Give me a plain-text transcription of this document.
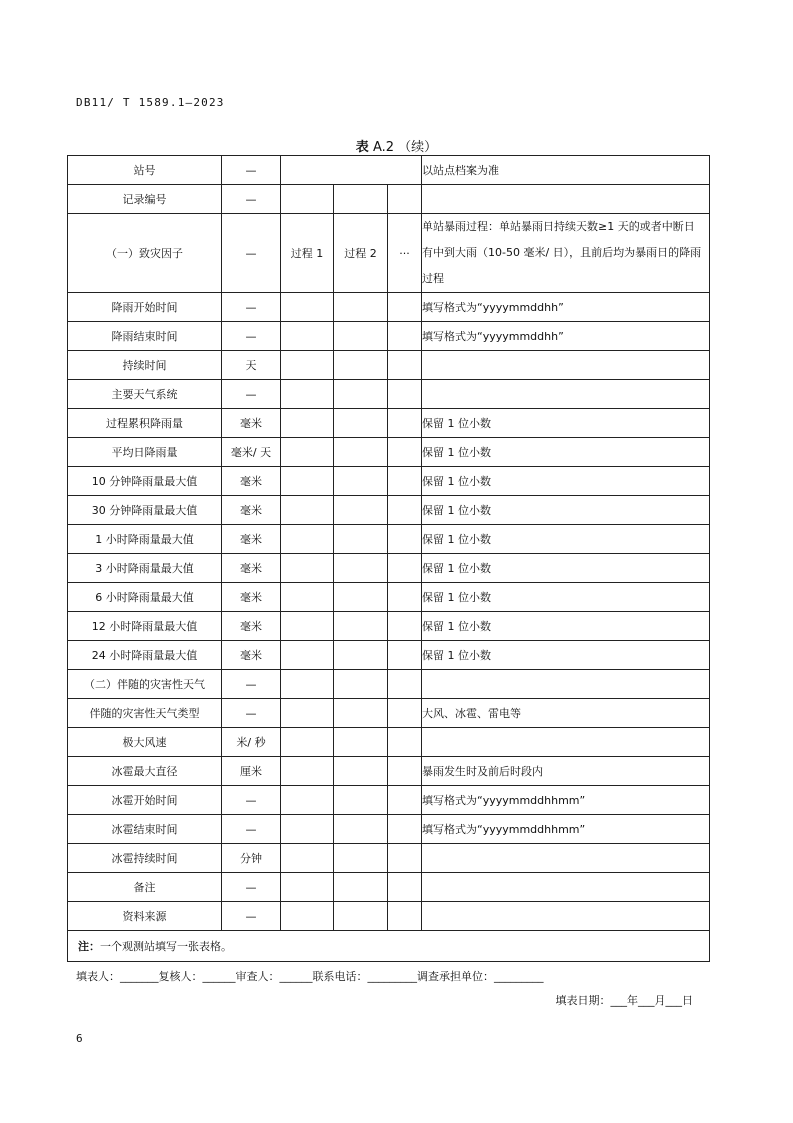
DB11/ T 1589.1—2023
表 A.2 （续）
站号	—				以站点档案为准
记录编号	—				
（一）致灾因子	—	过程 1	过程 2	···	单站暴雨过程：单站暴雨日持续天数≥1 天的或者中断日有中到大雨（10-50 毫米/ 日），且前后均为暴雨日的降雨过程
降雨开始时间	—				填写格式为“yyyymmddhh”
降雨结束时间	—				填写格式为“yyyymmddhh”
持续时间	天				
主要天气系统	—				
过程累积降雨量	毫米				保留 1 位小数
平均日降雨量	毫米/ 天				保留 1 位小数
10 分钟降雨量最大值	毫米				保留 1 位小数
30 分钟降雨量最大值	毫米				保留 1 位小数
1 小时降雨量最大值	毫米				保留 1 位小数
3 小时降雨量最大值	毫米				保留 1 位小数
6 小时降雨量最大值	毫米				保留 1 位小数
12 小时降雨量最大值	毫米				保留 1 位小数
24 小时降雨量最大值	毫米				保留 1 位小数
（二）伴随的灾害性天气	—				
伴随的灾害性天气类型	—				大风、冰雹、雷电等
极大风速	米/ 秒				
冰雹最大直径	厘米				暴雨发生时及前后时段内
冰雹开始时间	—				填写格式为“yyyymmddhhmm”
冰雹结束时间	—				填写格式为“yyyymmddhhmm”
冰雹持续时间	分钟				
备注	—				
资料来源	—				
注：一个观测站填写一张表格。					
填表人：_______复核人：______审查人：______联系电话：_________调查承担单位：_________
填表日期：___年___月___日
6
